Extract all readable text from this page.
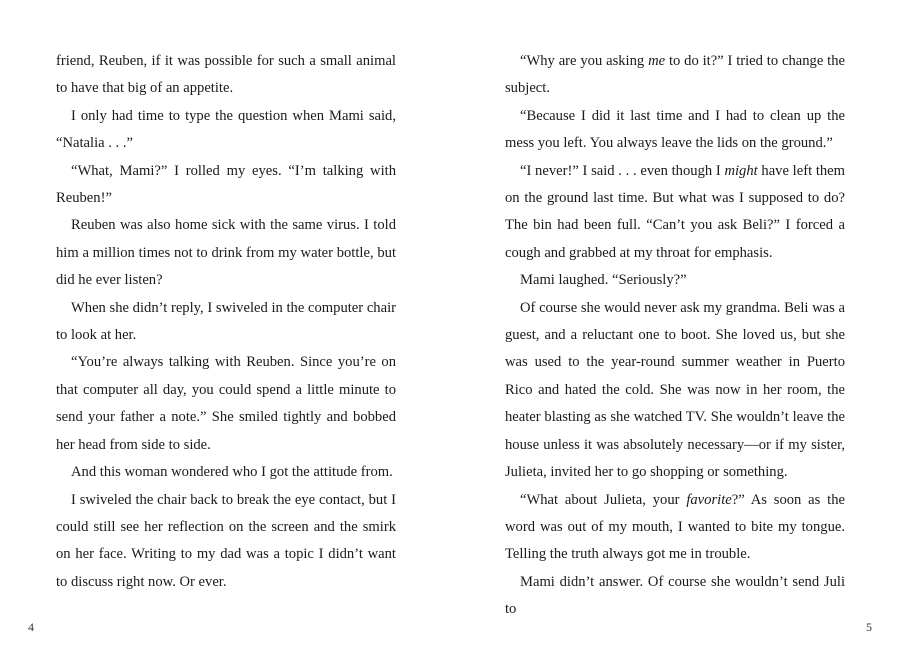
friend, Reuben, if it was possible for such a small animal to have that big of an appetite.

I only had time to type the question when Mami said, “Natalia . . .”

“What, Mami?” I rolled my eyes. “I’m talking with Reuben!”

Reuben was also home sick with the same virus. I told him a million times not to drink from my water bottle, but did he ever listen?

When she didn’t reply, I swiveled in the computer chair to look at her.

“You’re always talking with Reuben. Since you’re on that computer all day, you could spend a little minute to send your father a note.” She smiled tightly and bobbed her head from side to side.

And this woman wondered who I got the attitude from.

I swiveled the chair back to break the eye contact, but I could still see her reflection on the screen and the smirk on her face. Writing to my dad was a topic I didn’t want to discuss right now. Or ever.

“Why are you asking me to do it?” I tried to change the subject.

“Because I did it last time and I had to clean up the mess you left. You always leave the lids on the ground.”

“I never!” I said . . . even though I might have left them on the ground last time. But what was I supposed to do? The bin had been full. “Can’t you ask Beli?” I forced a cough and grabbed at my throat for emphasis.

Mami laughed. “Seriously?”

Of course she would never ask my grandma. Beli was a guest, and a reluctant one to boot. She loved us, but she was used to the year-round summer weather in Puerto Rico and hated the cold. She was now in her room, the heater blasting as she watched TV. She wouldn’t leave the house unless it was absolutely necessary—or if my sister, Julieta, invited her to go shopping or something.

“What about Julieta, your favorite?” As soon as the word was out of my mouth, I wanted to bite my tongue. Telling the truth always got me in trouble.

Mami didn’t answer. Of course she wouldn’t send Juli to

4	5
